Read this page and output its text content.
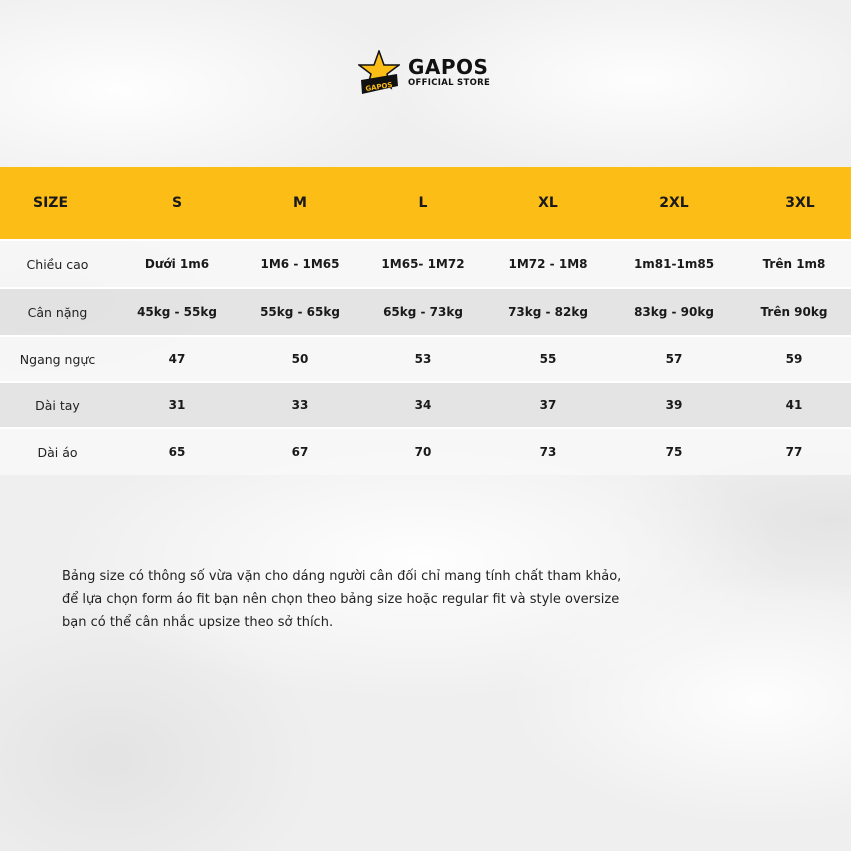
GAPOS
GAPOS
OFFICIAL STORE
SIZE	S	M	L	XL	2XL	3XL
Chiều cao	Dưới 1m6	1M6 - 1M65	1M65- 1M72	1M72 - 1M8	1m81-1m85	Trên 1m8
Cân nặng	45kg - 55kg	55kg - 65kg	65kg - 73kg	73kg - 82kg	83kg - 90kg	Trên 90kg
Ngang ngực	47	50	53	55	57	59
Dài tay	31	33	34	37	39	41
Dài áo	65	67	70	73	75	77
Bảng size có thông số vừa vặn cho dáng người cân đối chỉ mang tính chất tham khảo,
để lựa chọn form áo fit bạn nên chọn theo bảng size hoặc regular fit và style oversize
bạn có thể cân nhắc upsize theo sở thích.
